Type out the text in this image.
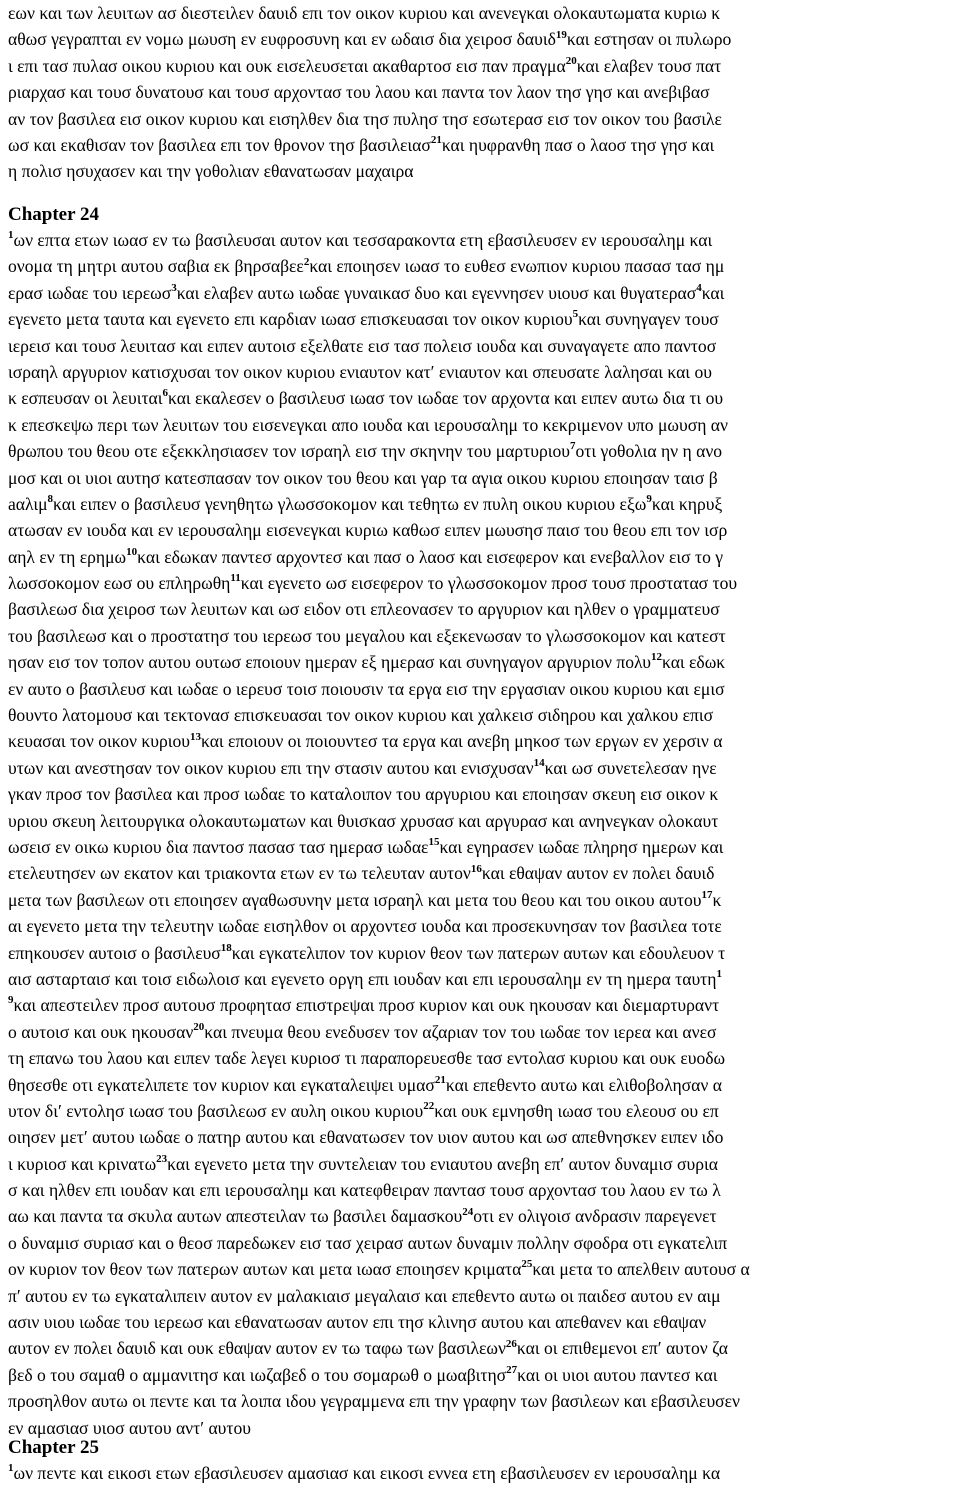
εων και των λευιτων ασ διεστειλεν δαυιδ επι τον οικον κυριου και ανενεγκαι ολοκαυτωματα κυριω κ
αθωσ γεγραπται εν νομω μωυση εν ευφροσυνη και εν ωδαισ δια χειροσ δαυιδ$^{19}$και εστησαν οι πυλωρο
ι επι τασ πυλασ οικου κυριου και ουκ εισελευσεται ακαθαρτοσ εισ παν πραγμα$^{20}$και ελαβεν τουσ πατ
ριαρχασ και τουσ δυνατουσ και τουσ αρχοντασ του λαου και παντα τον λαον τησ γησ και ανεβιβασ
αν τον βασιλεα εισ οικον κυριου και εισηλθεν δια τησ πυλησ τησ εσωτερασ εισ τον οικον του βασιλε
ωσ και εκαθισαν τον βασιλεα επι τον θρονον τησ βασιλειασ$^{21}$και ηυφρανθη πασ ο λαοσ τησ γησ και
η πολισ ησυχασεν και την γοθολιαν εθανατωσαν μαχαιρα
Chapter 24
$^1$ων επτα ετων ιωασ εν τω βασιλευσαι αυτον και τεσσαρακοντα ετη εβασιλευσεν εν ιερουσαλημ και
ονομα τη μητρι αυτου σαβια εκ βηρσαβεε$^2$και εποιησεν ιωασ το ευθεσ ενωπιον κυριου πασασ τασ ημ
ερασ ιωδαε του ιερεωσ$^3$και ελαβεν αυτω ιωδαε γυναικασ δυο και εγεννησεν υιουσ και θυγατερασ$^4$και
εγενετο μετα ταυτα και εγενετο επι καρδιαν ιωασ επισκευασαι τον οικον κυριου$^5$και συνηγαγεν τουσ
ιερεισ και τουσ λευιτασ και ειπεν αυτοισ εξελθατε εισ τασ πολεισ ιουδα και συναγαγετε απο παντοσ
ισραηλ αργυριον κατισχυσαι τον οικον κυριου ενιαυτον κατ′ ενιαυτον και σπευσατε λαλησαι και ου
κ εσπευσαν οι λευιται$^6$και εκαλεσεν ο βασιλευσ ιωασ τον ιωδαε τον αρχοντα και ειπεν αυτω δια τι ου
κ επεσκεψω περι των λευιτων του εισενεγκαι απο ιουδα και ιερουσαλημ το κεκριμενον υπο μωυση αν
θρωπου του θεου οτε εξεκκλησιασεν τον ισραηλ εισ την σκηνην του μαρτυριου$^7$οτι γοθολια ην η ανο
μοσ και οι υιοι αυτησ κατεσπασαν τον οικον του θεου και γαρ τα αγια οικου κυριου εποιησαν ταισ β
aαλιμ$^8$και ειπεν ο βασιλευσ γενηθητω γλωσσοκομον και τεθητω εν πυλη οικου κυριου εξω$^9$και κηρυξ
ατωσαν εν ιουδα και εν ιερουσαλημ εισενεγκαι κυριω καθωσ ειπεν μωυσησ παισ του θεου επι τον ισρ
αηλ εν τη ερημω$^{10}$και εδωκαν παντεσ αρχοντεσ και πασ ο λαοσ και εισεφερον και ενεβαλλον εισ το γ
λωσσοκομον εωσ ου επληρωθη$^{11}$και εγενετο ωσ εισεφερον το γλωσσοκομον προσ τουσ προστατασ του
βασιλεωσ δια χειροσ των λευιτων και ωσ ειδον οτι επλεονασεν το αργυριον και ηλθεν ο γραμματευσ
του βασιλεωσ και ο προστατησ του ιερεωσ του μεγαλου και εξεκενωσαν το γλωσσοκομον και κατεστ
ησαν εισ τον τοπον αυτου ουτωσ εποιουν ημεραν εξ ημερασ και συνηγαγον αργυριον πολυ$^{12}$και εδωκ
εν αυτο ο βασιλευσ και ιωδαε ο ιερευσ τοισ ποιουσιν τα εργα εισ την εργασιαν οικου κυριου και εμισ
θουντο λατομουσ και τεκτονασ επισκευασαι τον οικον κυριου και χαλκεισ σιδηρου και χαλκου επισ
κευασαι τον οικον κυριου$^{13}$και εποιουν οι ποιουντεσ τα εργα και ανεβη μηκοσ των εργων εν χερσιν α
υτων και ανεστησαν τον οικον κυριου επι την στασιν αυτου και ενισχυσαν$^{14}$και ωσ συνετελεσαν ηνε
γκαν προσ τον βασιλεα και προσ ιωδαε το καταλοιπον του αργυριου και εποιησαν σκευη εισ οικον κ
υριου σκευη λειτουργικα ολοκαυτωματων και θυισκασ χρυσασ και αργυρασ και ανηνεγκαν ολοκαυτ
ωσεισ εν οικω κυριου δια παντοσ πασασ τασ ημερασ ιωδαε$^{15}$και εγηρασεν ιωδαε πληρησ ημερων και
ετελευτησεν ων εκατον και τριακοντα ετων εν τω τελευταν αυτον$^{16}$και εθαψαν αυτον εν πολει δαυιδ
μετα των βασιλεων οτι εποιησεν αγαθωσυνην μετα ισραηλ και μετα του θεου και του οικου αυτου$^{17}$κ
αι εγενετο μετα την τελευτην ιωδαε εισηλθον οι αρχοντεσ ιουδα και προσεκυνησαν τον βασιλεα τοτε
επηκουσεν αυτοισ ο βασιλευσ$^{18}$και εγκατελιπον τον κυριον θεον των πατερων αυτων και εδουλευον τ
αισ ασταρταισ και τοισ ειδωλοισ και εγενετο οργη επι ιουδαν και επι ιερουσαλημ εν τη ημερα ταυτη$^1$
$^9$και απεστειλεν προσ αυτουσ προφητασ επιστρεψαι προσ κυριον και ουκ ηκουσαν και διεμαρτυραντ
ο αυτοισ και ουκ ηκουσαν$^{20}$και πνευμα θεου ενεδυσεν τον αζαριαν τον του ιωδαε τον ιερεα και ανεσ
τη επανω του λαου και ειπεν ταδε λεγει κυριοσ τι παραπορευεσθε τασ εντολασ κυριου και ουκ ευοδω
θησεσθε οτι εγκατελιπετε τον κυριον και εγκαταλειψει υμασ$^{21}$και επεθεντο αυτω και ελιθοβολησαν α
υτον δι′ εντολησ ιωασ του βασιλεωσ εν αυλη οικου κυριου$^{22}$και ουκ εμνησθη ιωασ του ελεουσ ου επ
οιησεν μετ′ αυτου ιωδαε ο πατηρ αυτου και εθανατωσεν τον υιον αυτου και ωσ απεθνησκεν ειπεν ιδο
ι κυριοσ και κρινατω$^{23}$και εγενετο μετα την συντελειαν του ενιαυτου ανεβη επ′ αυτον δυναμισ συρια
σ και ηλθεν επι ιουδαν και επι ιερουσαλημ και κατεφθειραν παντασ τουσ αρχοντασ του λαου εν τω λ
αω και παντα τα σκυλα αυτων απεστειλαν τω βασιλει δαμασκου$^{24}$οτι εν ολιγοισ ανδρασιν παρεγενετ
ο δυναμισ συριασ και ο θεοσ παρεδωκεν εισ τασ χειρασ αυτων δυναμιν πολλην σφοδρα οτι εγκατελιπ
ον κυριον τον θεον των πατερων αυτων και μετα ιωασ εποιησεν κριματα$^{25}$και μετα το απελθειν αυτουσ α
π′ αυτου εν τω εγκαταλιπειν αυτον εν μαλακιαισ μεγαλαισ και επεθεντο αυτω οι παιδεσ αυτου εν αιμ
ασιν υιου ιωδαε του ιερεωσ και εθανατωσαν αυτον επι τησ κλινησ αυτου και απεθανεν και εθαψαν
αυτον εν πολει δαυιδ και ουκ εθαψαν αυτον εν τω ταφω των βασιλεων$^{26}$και οι επιθεμενοι επ′ αυτον ζα
βεδ ο του σαμαθ ο αμμανιτησ και ιωζαβεδ ο του σομαρωθ ο μωαβιτησ$^{27}$και οι υιοι αυτου παντεσ και
προσηλθον αυτω οι πεντε και τα λοιπα ιδου γεγραμμενα επι την γραφην των βασιλεων και εβασιλευσεν
εν αμασιασ υιοσ αυτου αντ′ αυτου
Chapter 25
$^1$ων πεντε και εικοσι ετων εβασιλευσεν αμασιασ και εικοσι εννεα ετη εβασιλευσεν εν ιερουσαλημ κα
